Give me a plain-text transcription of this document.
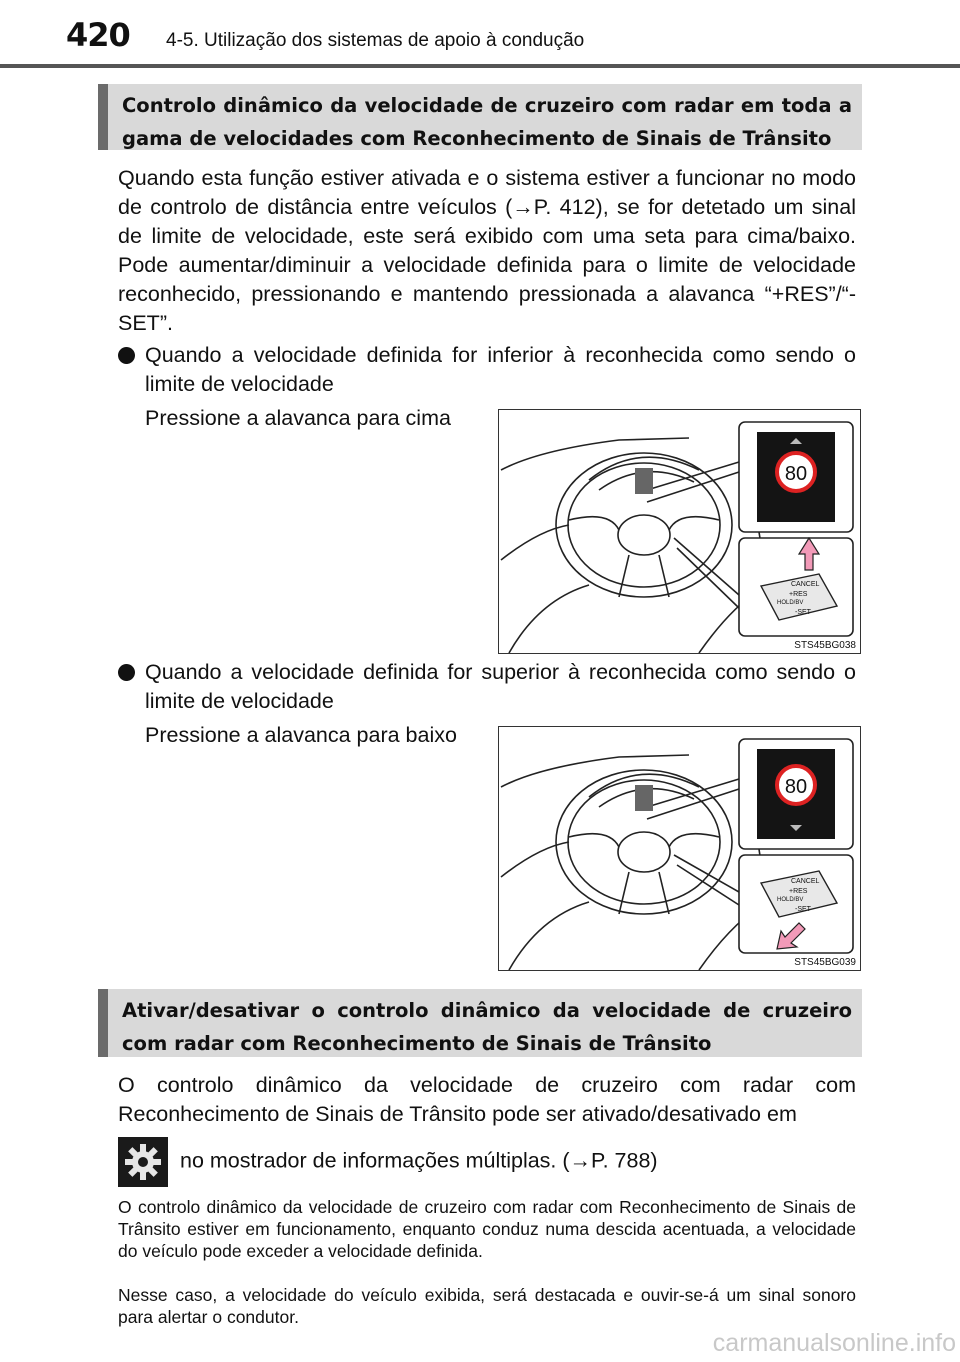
420 4-5. Utilização dos sistemas de apoio à condução
Controlo dinâmico da velocidade de cruzeiro com radar em toda a gama de velocidades com Reconhecimento de Sinais de Trânsito
Quando esta função estiver ativada e o sistema estiver a funcionar no modo de controlo de distância entre veículos (→P. 412), se for detetado um sinal de limite de velocidade, este será exibido com uma seta para cima/baixo. Pode aumentar/diminuir a velocidade definida para o limite de velocidade reconhecido, pressionando e mantendo pressionada a alavanca “+RES”/“-SET”.
Quando a velocidade definida for inferior à reconhecida como sendo o limite de velocidade
Pressione a alavanca para cima
80
CANCEL
+RES
HOLD/BV
-SET
STS45BG038
Quando a velocidade definida for superior à reconhecida como sendo o limite de velocidade
Pressione a alavanca para baixo
80
CANCEL
+RES
HOLD/BV
-SET
STS45BG039
Ativar/desativar o controlo dinâmico da velocidade de cruzeiro com radar com Reconhecimento de Sinais de Trânsito
O controlo dinâmico da velocidade de cruzeiro com radar com Reconhecimento de Sinais de Trânsito pode ser ativado/desativado em
no mostrador de informações múltiplas. (→P. 788)
O controlo dinâmico da velocidade de cruzeiro com radar com Reconhecimento de Sinais de Trânsito estiver em funcionamento, enquanto conduz numa descida acentuada, a velocidade do veículo pode exceder a velocidade definida.
Nesse caso, a velocidade do veículo exibida, será destacada e ouvir-se-á um sinal sonoro para alertar o condutor.
carmanualsonline.info
